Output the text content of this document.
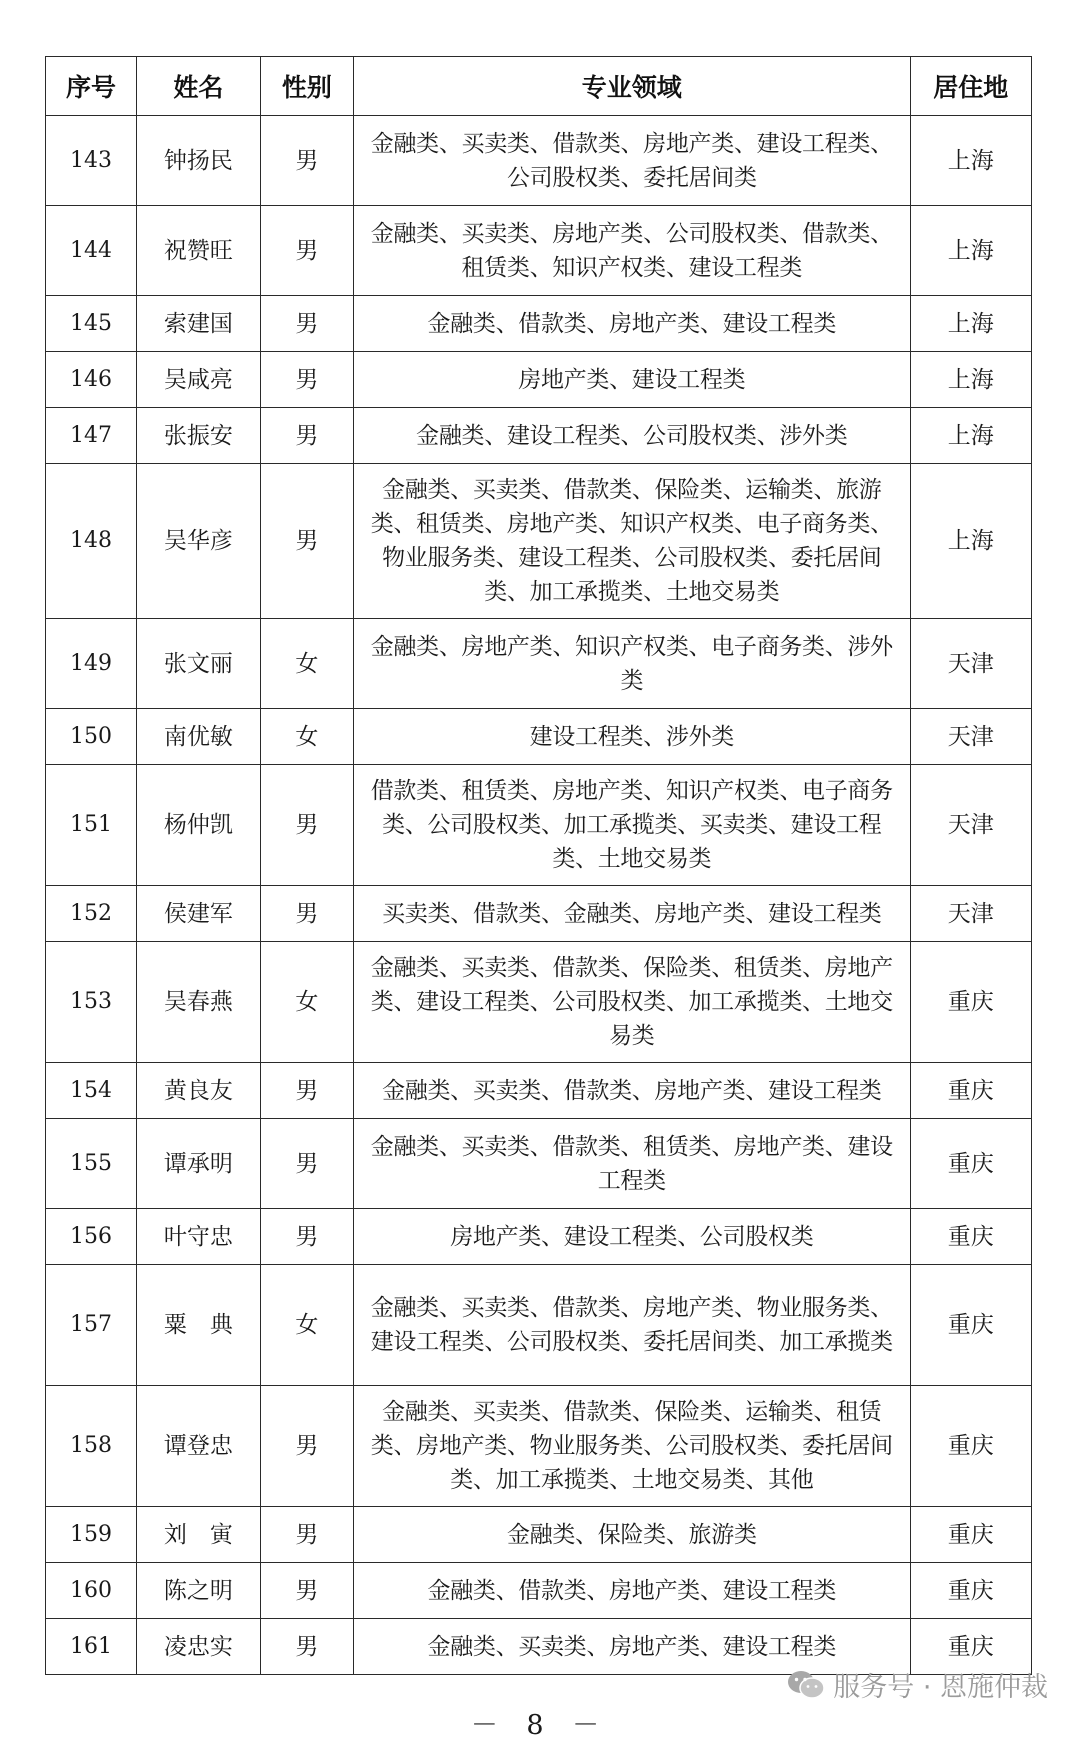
序号	姓名	性别	专业领域	居住地
143	钟扬民	男	金融类、买卖类、借款类、房地产类、建设工程类、公司股权类、委托居间类	上海
144	祝赞旺	男	金融类、买卖类、房地产类、公司股权类、借款类、租赁类、知识产权类、建设工程类	上海
145	索建国	男	金融类、借款类、房地产类、建设工程类	上海
146	吴咸亮	男	房地产类、建设工程类	上海
147	张振安	男	金融类、建设工程类、公司股权类、涉外类	上海
148	吴华彦	男	金融类、买卖类、借款类、保险类、运输类、旅游类、租赁类、房地产类、知识产权类、电子商务类、物业服务类、建设工程类、公司股权类、委托居间类、加工承揽类、土地交易类	上海
149	张文丽	女	金融类、房地产类、知识产权类、电子商务类、涉外类	天津
150	南优敏	女	建设工程类、涉外类	天津
151	杨仲凯	男	借款类、租赁类、房地产类、知识产权类、电子商务类、公司股权类、加工承揽类、买卖类、建设工程类、土地交易类	天津
152	侯建军	男	买卖类、借款类、金融类、房地产类、建设工程类	天津
153	吴春燕	女	金融类、买卖类、借款类、保险类、租赁类、房地产类、建设工程类、公司股权类、加工承揽类、土地交易类	重庆
154	黄良友	男	金融类、买卖类、借款类、房地产类、建设工程类	重庆
155	谭承明	男	金融类、买卖类、借款类、租赁类、房地产类、建设工程类	重庆
156	叶守忠	男	房地产类、建设工程类、公司股权类	重庆
157	粟　典	女	金融类、买卖类、借款类、房地产类、物业服务类、建设工程类、公司股权类、委托居间类、加工承揽类	重庆
158	谭登忠	男	金融类、买卖类、借款类、保险类、运输类、租赁类、房地产类、物业服务类、公司股权类、委托居间类、加工承揽类、土地交易类、其他	重庆
159	刘　寅	男	金融类、保险类、旅游类	重庆
160	陈之明	男	金融类、借款类、房地产类、建设工程类	重庆
161	凌忠实	男	金融类、买卖类、房地产类、建设工程类	重庆
－ 8 －
服务号 · 恩施仲裁
